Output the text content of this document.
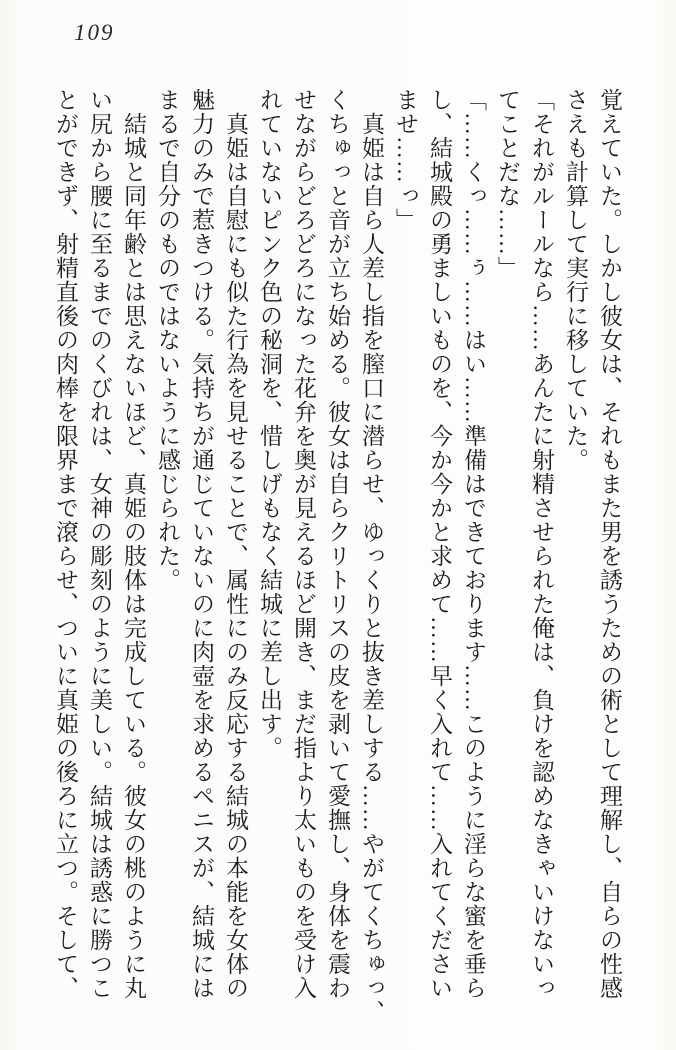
109
覚えていた。しかし彼女は、それもまた男を誘うための術として理解し、自らの性感
さえも計算して実行に移していた。
「それがルールなら……あんたに射精させられた俺は、負けを認めなきゃいけないっ
てことだな……」
「……くっ……ぅ……はい……準備はできております……このように淫らな蜜を垂ら
し、結城殿の勇ましいものを、今か今かと求めて……早く入れて……入れてください
ませ……っ」
真姫は自ら人差し指を膣口に潜らせ、ゆっくりと抜き差しする……やがてくちゅっ、
くちゅっと音が立ち始める。彼女は自らクリトリスの皮を剥いて愛撫し、身体を震わ
せながらどろどろになった花弁を奥が見えるほど開き、まだ指より太いものを受け入
れていないピンク色の秘洞を、惜しげもなく結城に差し出す。
真姫は自慰にも似た行為を見せることで、属性にのみ反応する結城の本能を女体の
魅力のみで惹きつける。気持ちが通じていないのに肉壺を求めるペニスが、結城には
まるで自分のものではないように感じられた。
結城と同年齢とは思えないほど、真姫の肢体は完成している。彼女の桃のように丸
い尻から腰に至るまでのくびれは、女神の彫刻のように美しい。結城は誘惑に勝つこ
とができず、射精直後の肉棒を限界まで滾らせ、ついに真姫の後ろに立つ。そして、
